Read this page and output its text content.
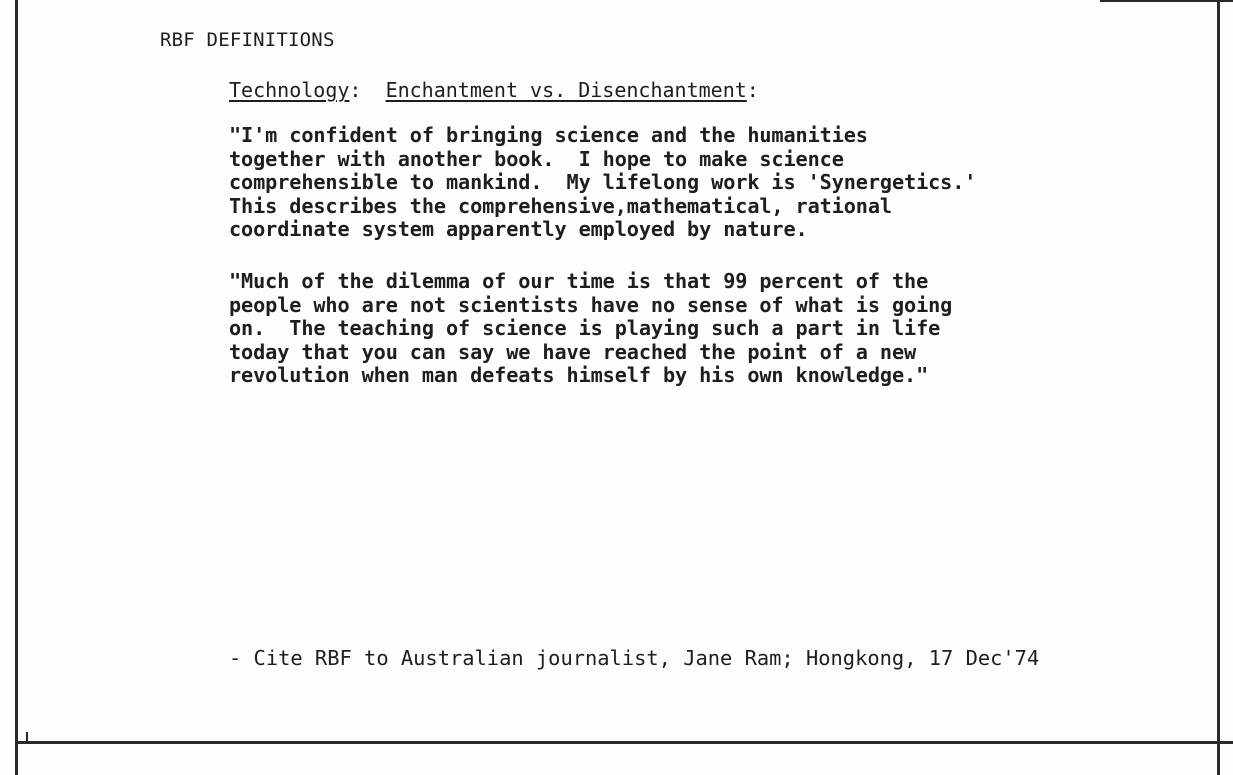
RBF DEFINITIONS
Technology: Enchantment vs. Disenchantment:
"I'm confident of bringing science and the humanities
together with another book.  I hope to make science
comprehensible to mankind.  My lifelong work is 'Synergetics.'
This describes the comprehensive,mathematical, rational
coordinate system apparently employed by nature.
"Much of the dilemma of our time is that 99 percent of the
people who are not scientists have no sense of what is going
on.  The teaching of science is playing such a part in life
today that you can say we have reached the point of a new
revolution when man defeats himself by his own knowledge."
- Cite RBF to Australian journalist, Jane Ram; Hongkong, 17 Dec'74
